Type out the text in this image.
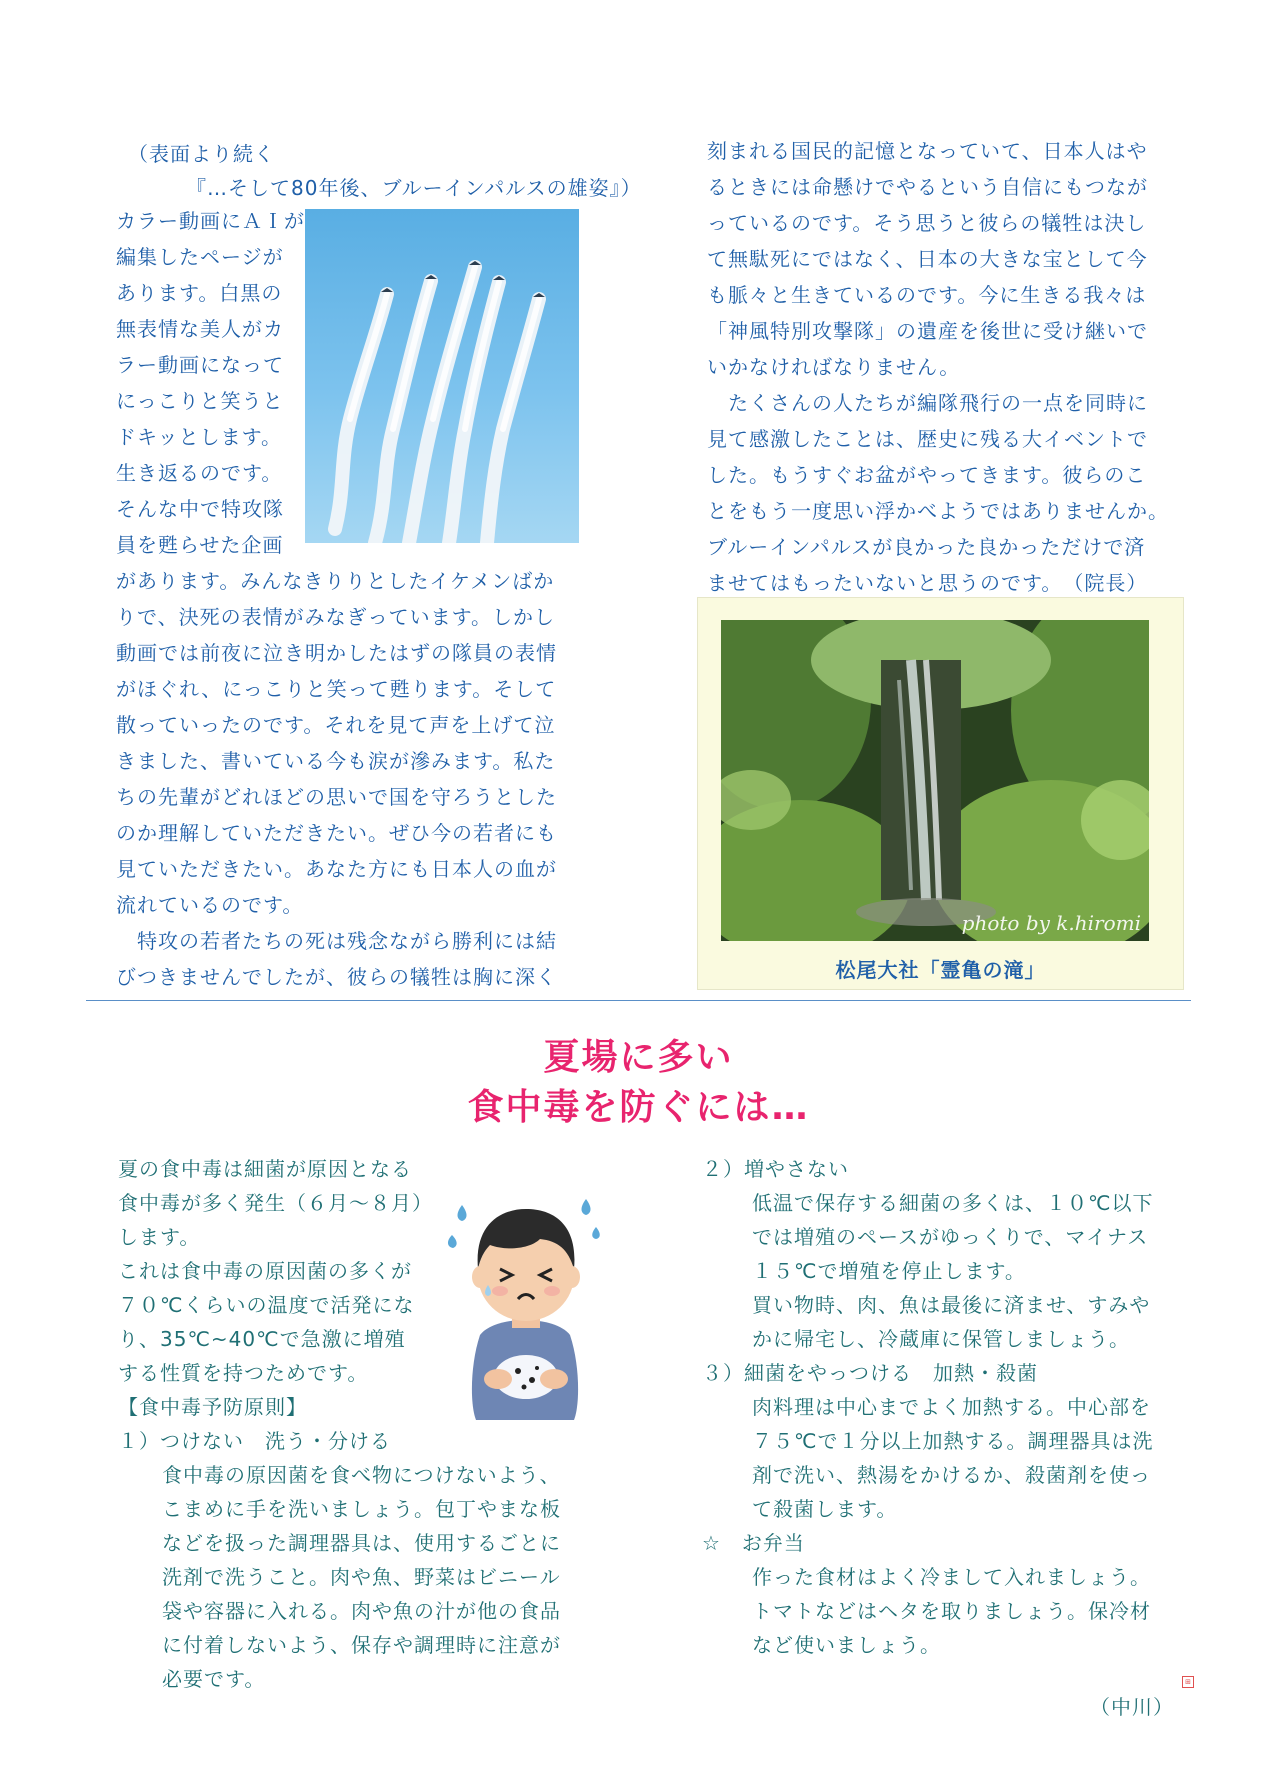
（表面より続く
『…そして80年後、ブルーインパルスの雄姿』）
カラー動画にＡＩが
編集したページが
あります。白黒の
無表情な美人がカ
ラー動画になって
にっこりと笑うと
ドキッとします。
生き返るのです。
そんな中で特攻隊
員を甦らせた企画
があります。みんなきりりとしたイケメンばか
りで、決死の表情がみなぎっています。しかし
動画では前夜に泣き明かしたはずの隊員の表情
がほぐれ、にっこりと笑って甦ります。そして
散っていったのです。それを見て声を上げて泣
きました、書いている今も涙が滲みます。私た
ちの先輩がどれほどの思いで国を守ろうとした
のか理解していただきたい。ぜひ今の若者にも
見ていただきたい。あなた方にも日本人の血が
流れているのです。
　特攻の若者たちの死は残念ながら勝利には結
びつきませんでしたが、彼らの犠牲は胸に深く
刻まれる国民的記憶となっていて、日本人はや
るときには命懸けでやるという自信にもつなが
っているのです。そう思うと彼らの犠牲は決し
て無駄死にではなく、日本の大きな宝として今
も脈々と生きているのです。今に生きる我々は
「神風特別攻撃隊」の遺産を後世に受け継いで
いかなければなりません。
　たくさんの人たちが編隊飛行の一点を同時に
見て感激したことは、歴史に残る大イベントで
した。もうすぐお盆がやってきます。彼らのこ
とをもう一度思い浮かべようではありませんか。
ブルーインパルスが良かった良かっただけで済
ませてはもったいないと思うのです。　（院長）
photo by k.hiromi
松尾大社「霊亀の滝」
夏場に多い
食中毒を防ぐには…
夏の食中毒は細菌が原因となる
食中毒が多く発生（６月～８月）
します。
これは食中毒の原因菌の多くが
７０℃くらいの温度で活発にな
り、35℃~40℃で急激に増殖
する性質を持つためです。
【食中毒予防原則】
１）つけない　洗う・分ける
食中毒の原因菌を食べ物につけないよう、
こまめに手を洗いましょう。包丁やまな板
などを扱った調理器具は、使用するごとに
洗剤で洗うこと。肉や魚、野菜はビニール
袋や容器に入れる。肉や魚の汁が他の食品
に付着しないよう、保存や調理時に注意が
必要です。
２）増やさない
低温で保存する細菌の多くは、１０℃以下
では増殖のペースがゆっくりで、マイナス
１５℃で増殖を停止します。
買い物時、肉、魚は最後に済ませ、すみや
かに帰宅し、冷蔵庫に保管しましょう。
３）細菌をやっつける　加熱・殺菌
肉料理は中心までよく加熱する。中心部を
７５℃で１分以上加熱する。調理器具は洗
剤で洗い、熱湯をかけるか、殺菌剤を使っ
て殺菌します。
☆　お弁当
作った食材はよく冷まして入れましょう。
トマトなどはヘタを取りましょう。保冷材
など使いましょう。
（中川）
⊞
